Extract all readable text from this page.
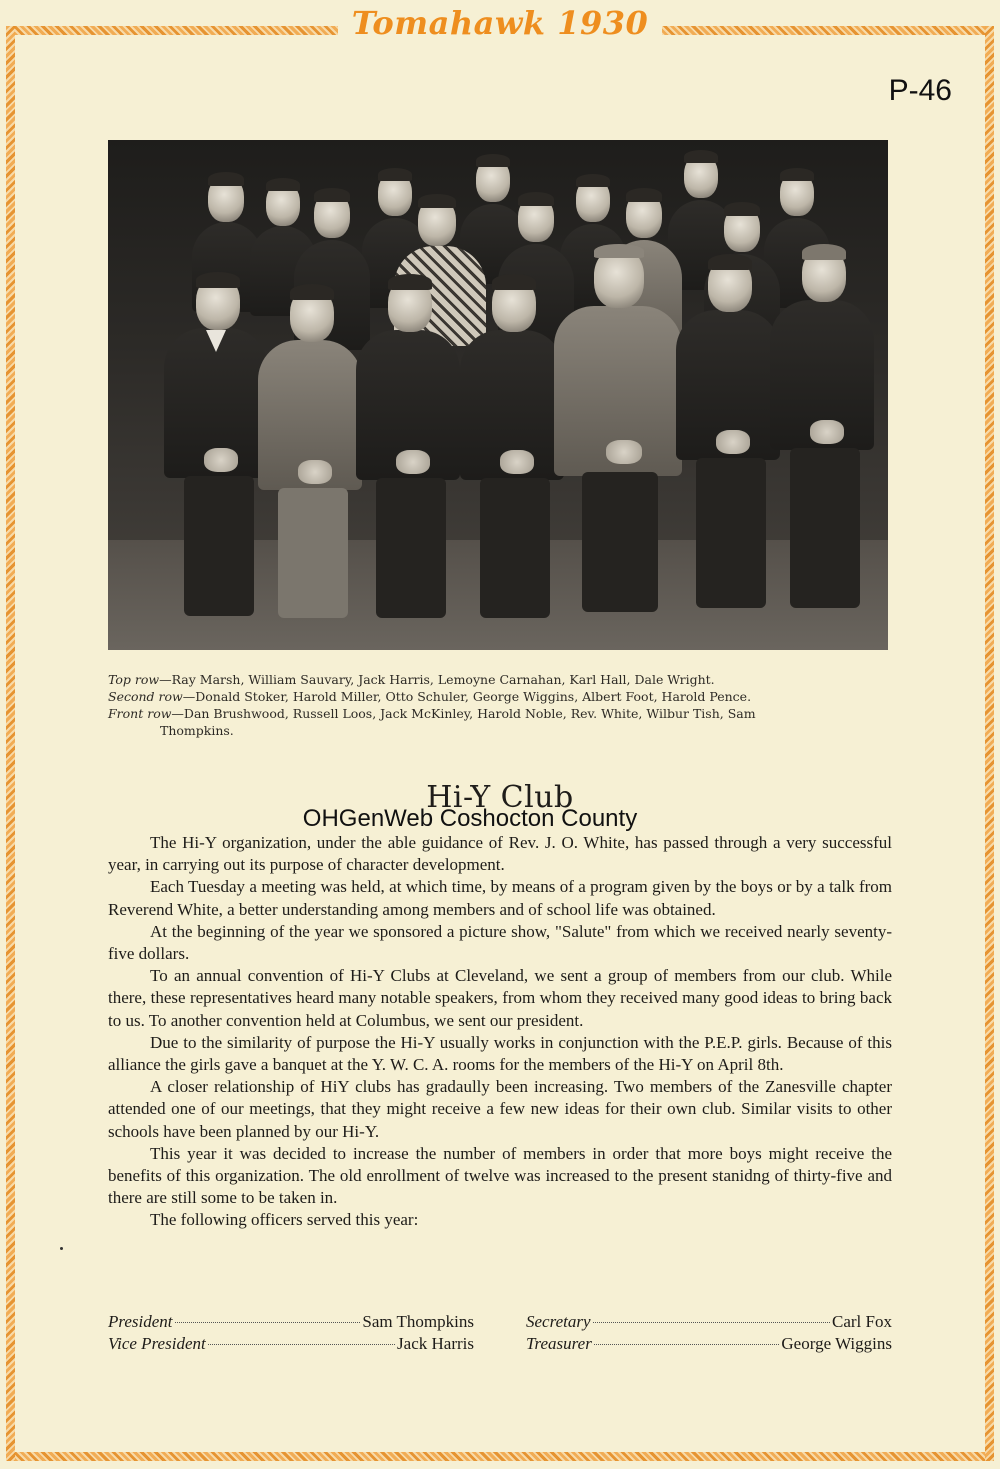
Tomahawk 1930
P-46

Top row—Ray Marsh, William Sauvary, Jack Harris, Lemoyne Carnahan, Karl Hall, Dale Wright.

Second row—Donald Stoker, Harold Miller, Otto Schuler, George Wiggins, Albert Foot, Harold Pence.

Front row—Dan Brushwood, Russell Loos, Jack McKinley, Harold Noble, Rev. White, Wilbur Tish, Sam

Thompkins.

Hi-Y Club
OHGenWeb Coshocton County

The Hi-Y organization, under the able guidance of Rev. J. O. White, has passed through a very successful year, in carrying out its purpose of character development.

Each Tuesday a meeting was held, at which time, by means of a program given by the boys or by a talk from Reverend White, a better understanding among members and of school life was obtained.

At the beginning of the year we sponsored a picture show, "Salute" from which we received nearly seventy-five dollars.

To an annual convention of Hi-Y Clubs at Cleveland, we sent a group of members from our club. While there, these representatives heard many notable speakers, from whom they received many good ideas to bring back to us. To another convention held at Columbus, we sent our president.

Due to the similarity of purpose the Hi-Y usually works in conjunction with the P.E.P. girls. Because of this alliance the girls gave a banquet at the Y. W. C. A. rooms for the members of the Hi-Y on April 8th.

A closer relationship of HiY clubs has gradaully been increasing. Two members of the Zanesville chapter attended one of our meetings, that they might receive a few new ideas for their own club. Similar visits to other schools have been planned by our Hi-Y.

This year it was decided to increase the number of members in order that more boys might receive the benefits of this organization. The old enrollment of twelve was increased to the present stanidng of thirty-five and there are still some to be taken in.

The following officers served this year:

President	Sam Thompkins	Secretary	Carl Fox
Vice President	Jack Harris	Treasurer	George Wiggins
